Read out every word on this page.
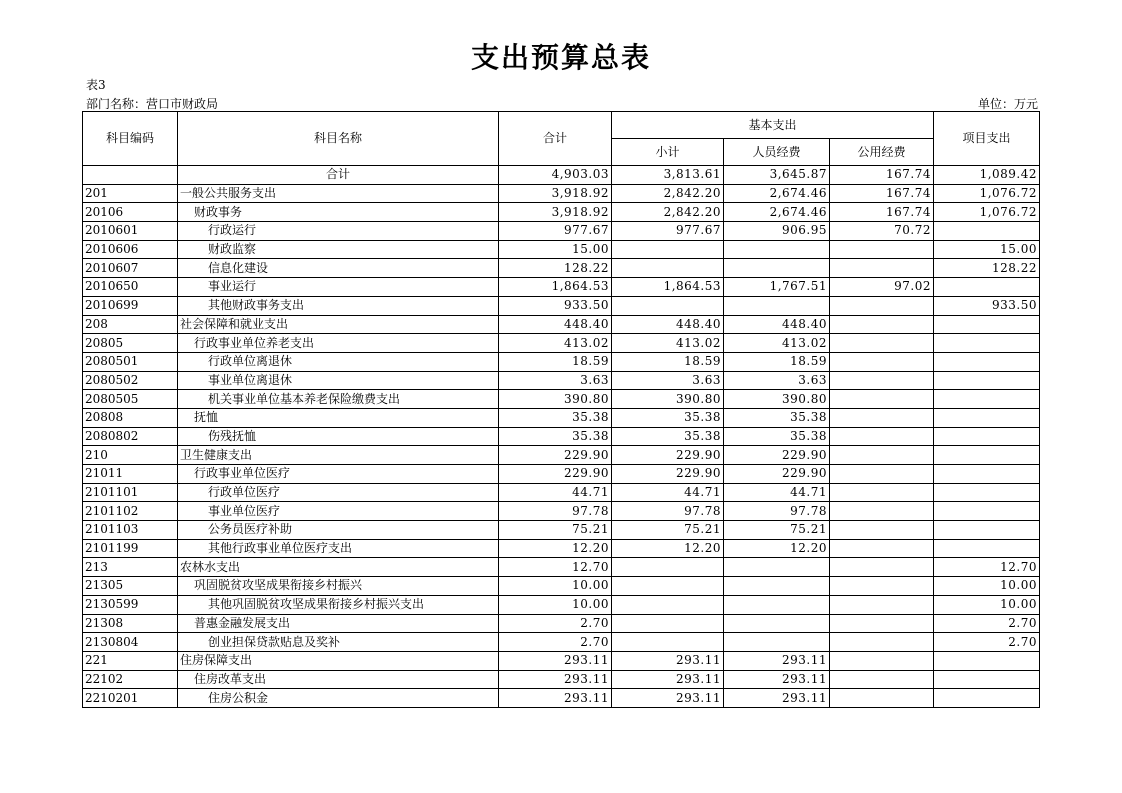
支出预算总表
表3
部门名称：营口市财政局	单位：万元
科目编码	科目名称	合计	基本支出			项目支出
			小计	人员经费	公用经费	
	合计	4,903.03	3,813.61	3,645.87	167.74	1,089.42
201	一般公共服务支出	3,918.92	2,842.20	2,674.46	167.74	1,076.72
20106	财政事务	3,918.92	2,842.20	2,674.46	167.74	1,076.72
2010601	行政运行	977.67	977.67	906.95	70.72	
2010606	财政监察	15.00				15.00
2010607	信息化建设	128.22				128.22
2010650	事业运行	1,864.53	1,864.53	1,767.51	97.02	
2010699	其他财政事务支出	933.50				933.50
208	社会保障和就业支出	448.40	448.40	448.40		
20805	行政事业单位养老支出	413.02	413.02	413.02		
2080501	行政单位离退休	18.59	18.59	18.59		
2080502	事业单位离退休	3.63	3.63	3.63		
2080505	机关事业单位基本养老保险缴费支出	390.80	390.80	390.80		
20808	抚恤	35.38	35.38	35.38		
2080802	伤残抚恤	35.38	35.38	35.38		
210	卫生健康支出	229.90	229.90	229.90		
21011	行政事业单位医疗	229.90	229.90	229.90		
2101101	行政单位医疗	44.71	44.71	44.71		
2101102	事业单位医疗	97.78	97.78	97.78		
2101103	公务员医疗补助	75.21	75.21	75.21		
2101199	其他行政事业单位医疗支出	12.20	12.20	12.20		
213	农林水支出	12.70				12.70
21305	巩固脱贫攻坚成果衔接乡村振兴	10.00				10.00
2130599	其他巩固脱贫攻坚成果衔接乡村振兴支出	10.00				10.00
21308	普惠金融发展支出	2.70				2.70
2130804	创业担保贷款贴息及奖补	2.70				2.70
221	住房保障支出	293.11	293.11	293.11		
22102	住房改革支出	293.11	293.11	293.11		
2210201	住房公积金	293.11	293.11	293.11		
